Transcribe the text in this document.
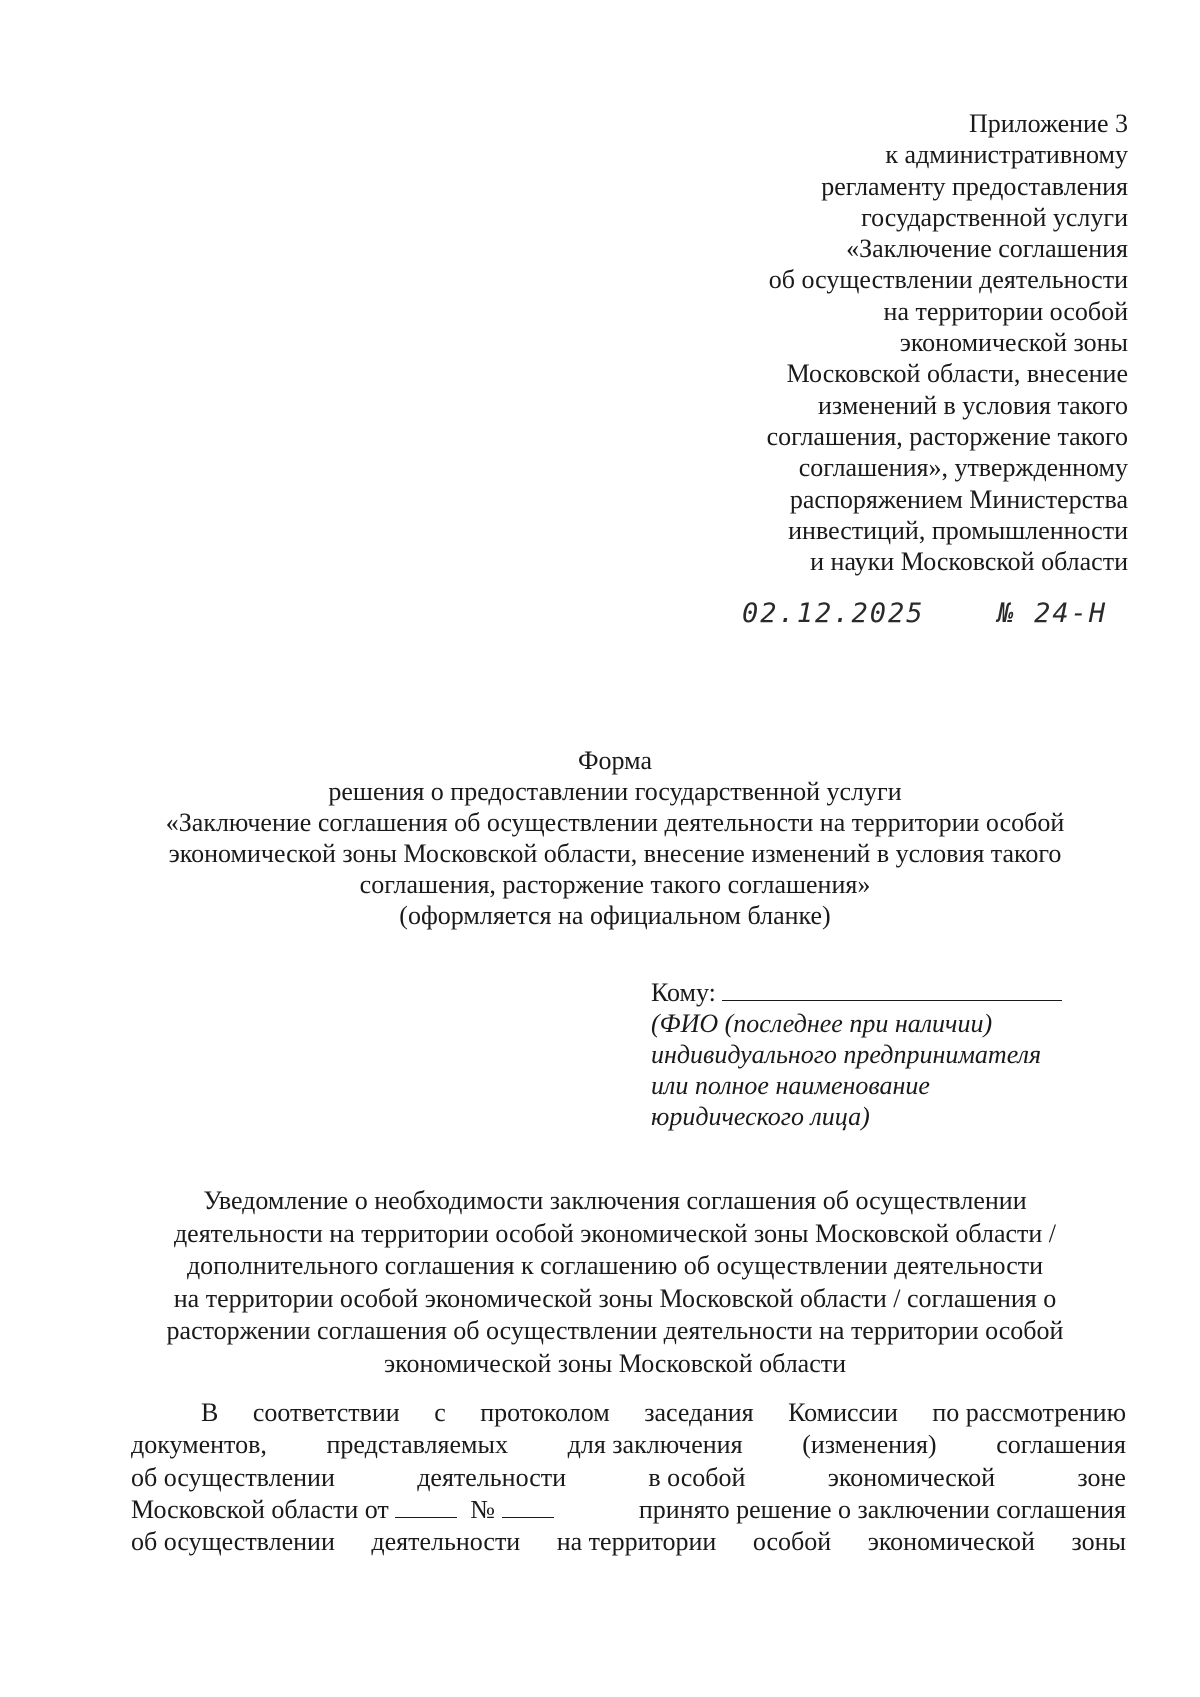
Приложение 3
к административному
регламенту предоставления
государственной услуги
«Заключение соглашения
об осуществлении деятельности
на территории особой
экономической зоны
Московской области, внесение
изменений в условия такого
соглашения, расторжение такого
соглашения», утвержденному
распоряжением Министерства
инвестиций, промышленности
и науки Московской области
02.12.2025	№ 24-Н
Форма
решения о предоставлении государственной услуги
«Заключение соглашения об осуществлении деятельности на территории особой
экономической зоны Московской области, внесение изменений в условия такого
соглашения, расторжение такого соглашения»
(оформляется на официальном бланке)
Кому:
(ФИО (последнее при наличии)
индивидуального предпринимателя
или полное наименование
юридического лица)
Уведомление о необходимости заключения соглашения об осуществлении
деятельности на территории особой экономической зоны Московской области /
дополнительного соглашения к соглашению об осуществлении деятельности
на территории особой экономической зоны Московской области / соглашения о
расторжении соглашения об осуществлении деятельности на территории особой
экономической зоны Московской области
В соответствии с протоколом заседания Комиссии по рассмотрению
документов, представляемых для заключения (изменения) соглашения
об осуществлении	деятельности	в особой	экономической	зоне
Московской области от	№	принято решение о заключении соглашения
об осуществлении деятельности на территории особой экономической зоны
